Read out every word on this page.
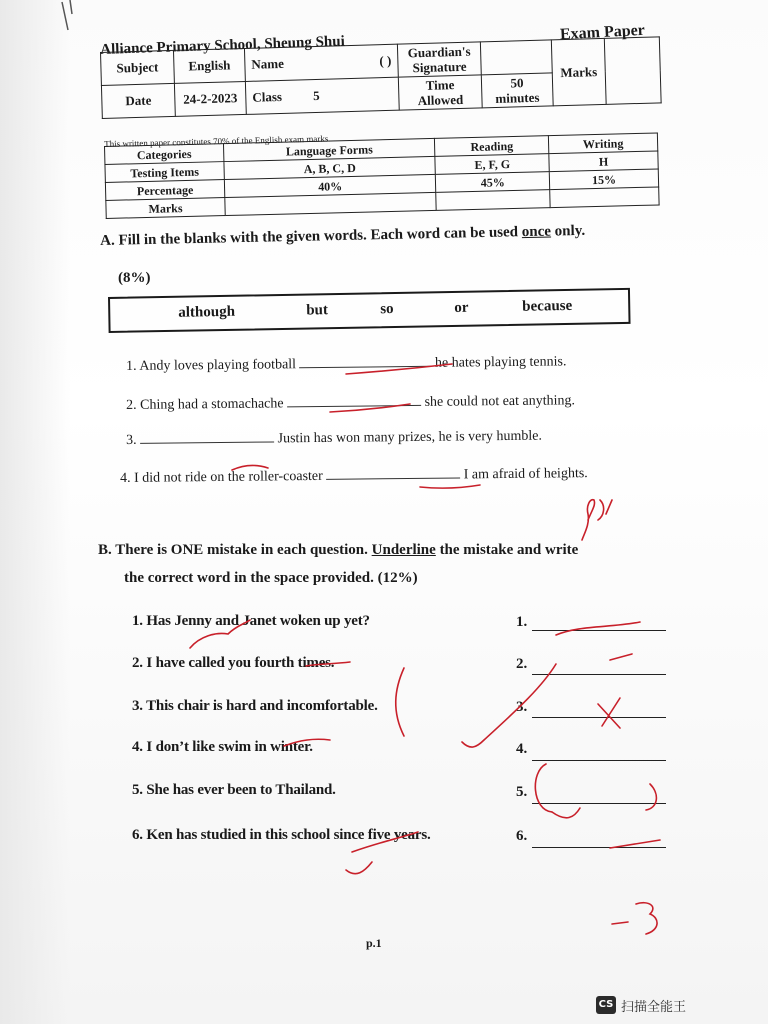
Exam Paper
Alliance Primary School, Sheung Shui
Subject	English	Name ( )	Guardian's Signature		Marks	
Date	24-2-2023	Class 5	Time Allowed	50 minutes		
This written paper constitutes 70% of the English exam marks.
Categories	Language Forms	Reading	Writing
Testing Items	A, B, C, D	E, F, G	H
Percentage	40%	45%	15%
Marks			
A. Fill in the blanks with the given words. Each word can be used once only.
(8%)
although	but	so	or	because
1. Andy loves playing football	he hates playing tennis.
2. Ching had a stomachache	she could not eat anything.
3.	Justin has won many prizes, he is very humble.
4. I did not ride on the roller-coaster	I am afraid of heights.
B. There is ONE mistake in each question. Underline the mistake and write
the correct word in the space provided. (12%)
1. Has Jenny and Janet woken up yet?	1.
2. I have called you fourth times.	2.
3. This chair is hard and incomfortable.	3.
4. I don’t like swim in winter.	4.
5. She has ever been to Thailand.	5.
6. Ken has studied in this school since five years.	6.
p.1
CS 扫描全能王
